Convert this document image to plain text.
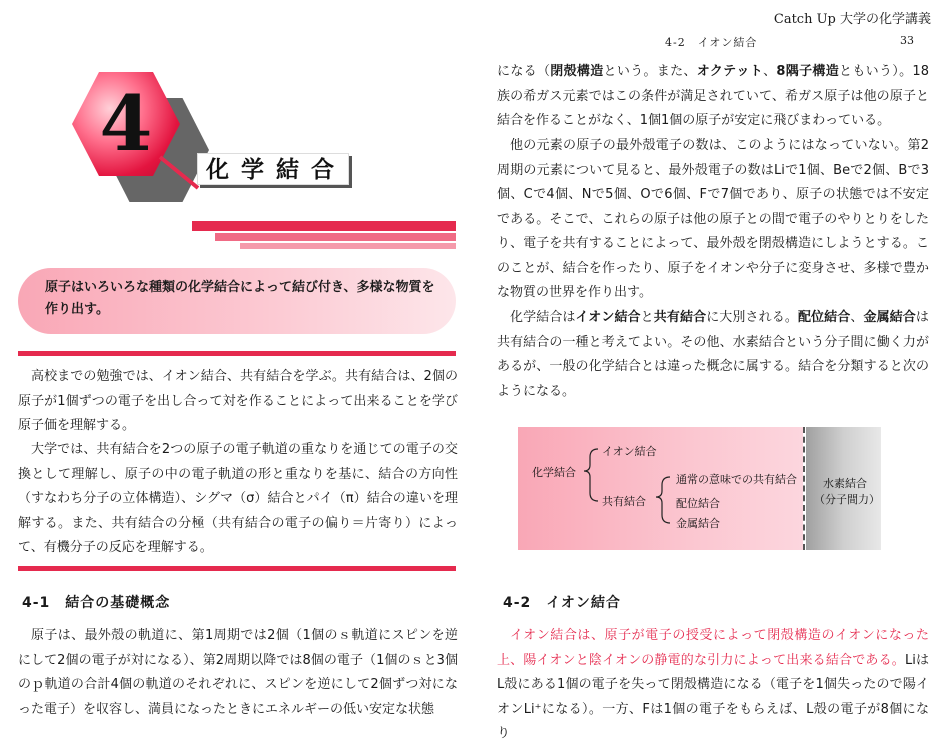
Catch Up 大学の化学講義
4-2　イオン結合	33
4
化学結合
原子はいろいろな種類の化学結合によって結び付き、多様な物質を作り出す。
高校までの勉強では、イオン結合、共有結合を学ぶ。共有結合は、2個の原子が1個ずつの電子を出し合って対を作ることによって出来ることを学び原子価を理解する。
大学では、共有結合を2つの原子の電子軌道の重なりを通じての電子の交換として理解し、原子の中の電子軌道の形と重なりを基に、結合の方向性（すなわち分子の立体構造）、シグマ（σ）結合とパイ（π）結合の違いを理解する。また、共有結合の分極（共有結合の電子の偏り＝片寄り）によって、有機分子の反応を理解する。
4-1　結合の基礎概念
原子は、最外殻の軌道に、第1周期では2個（1個のｓ軌道にスピンを逆にして2個の電子が対になる）、第2周期以降では8個の電子（1個のｓと3個のｐ軌道の合計4個の軌道のそれぞれに、スピンを逆にして2個ずつ対になった電子）を収容し、満員になったときにエネルギーの低い安定な状態
になる（閉殻構造という。また、オクテット、8隅子構造ともいう）。18族の希ガス元素ではこの条件が満足されていて、希ガス原子は他の原子と結合を作ることがなく、1個1個の原子が安定に飛びまわっている。
他の元素の原子の最外殻電子の数は、このようにはなっていない。第2周期の元素について見ると、最外殻電子の数はLiで1個、Beで2個、Bで3個、Cで4個、Nで5個、Oで6個、Fで7個であり、原子の状態では不安定である。そこで、これらの原子は他の原子との間で電子のやりとりをしたり、電子を共有することによって、最外殻を閉殻構造にしようとする。このことが、結合を作ったり、原子をイオンや分子に変身させ、多様で豊かな物質の世界を作り出す。
化学結合はイオン結合と共有結合に大別される。配位結合、金属結合は共有結合の一種と考えてよい。その他、水素結合という分子間に働く力があるが、一般の化学結合とは違った概念に属する。結合を分類すると次のようになる。
化学結合
イオン結合
共有結合
通常の意味での共有結合
配位結合
金属結合
水素結合
（分子間力）
4-2　イオン結合
イオン結合は、原子が電子の授受によって閉殻構造のイオンになった上、陽イオンと陰イオンの静電的な引力によって出来る結合である。LiはL殻にある1個の電子を失って閉殻構造になる（電子を1個失ったので陽イオンLi⁺になる）。一方、Fは1個の電子をもらえば、L殻の電子が8個になり
